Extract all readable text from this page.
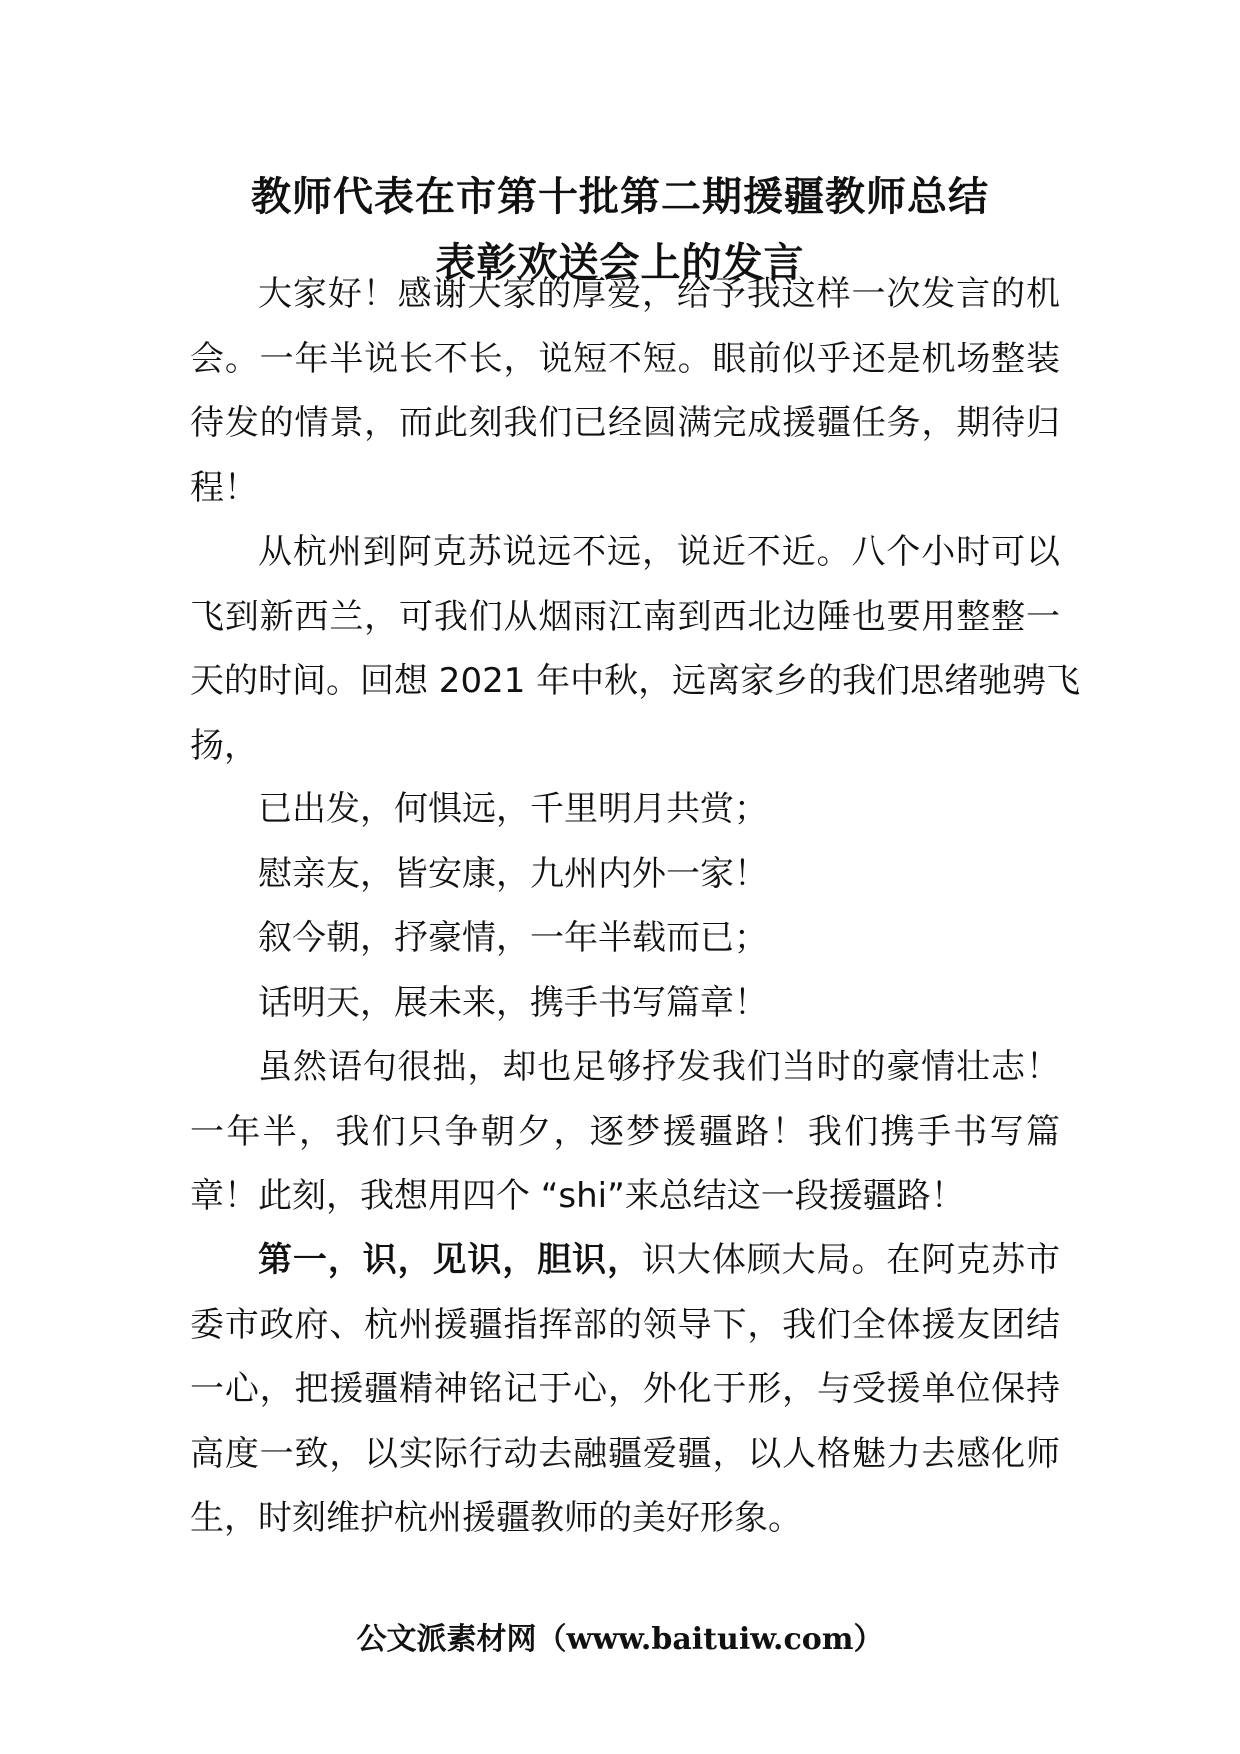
教师代表在市第十批第二期援疆教师总结
表彰欢送会上的发言
大家好！感谢大家的厚爱，给予我这样一次发言的机
会。一年半说长不长，说短不短。眼前似乎还是机场整装
待发的情景，而此刻我们已经圆满完成援疆任务，期待归
程！
从杭州到阿克苏说远不远，说近不近。八个小时可以
飞到新西兰，可我们从烟雨江南到西北边陲也要用整整一
天的时间。回想 2021 年中秋，远离家乡的我们思绪驰骋飞
扬，
已出发，何惧远，千里明月共赏；
慰亲友，皆安康，九州内外一家！
叙今朝，抒豪情，一年半载而已；
话明天，展未来，携手书写篇章！
虽然语句很拙，却也足够抒发我们当时的豪情壮志！
一年半，我们只争朝夕，逐梦援疆路！我们携手书写篇
章！此刻，我想用四个 “shi”来总结这一段援疆路！
第一，识，见识，胆识，识大体顾大局。在阿克苏市
委市政府、杭州援疆指挥部的领导下，我们全体援友团结
一心，把援疆精神铭记于心，外化于形，与受援单位保持
高度一致，以实际行动去融疆爱疆，以人格魅力去感化师
生，时刻维护杭州援疆教师的美好形象。
公文派素材网（www.baituiw.com）
